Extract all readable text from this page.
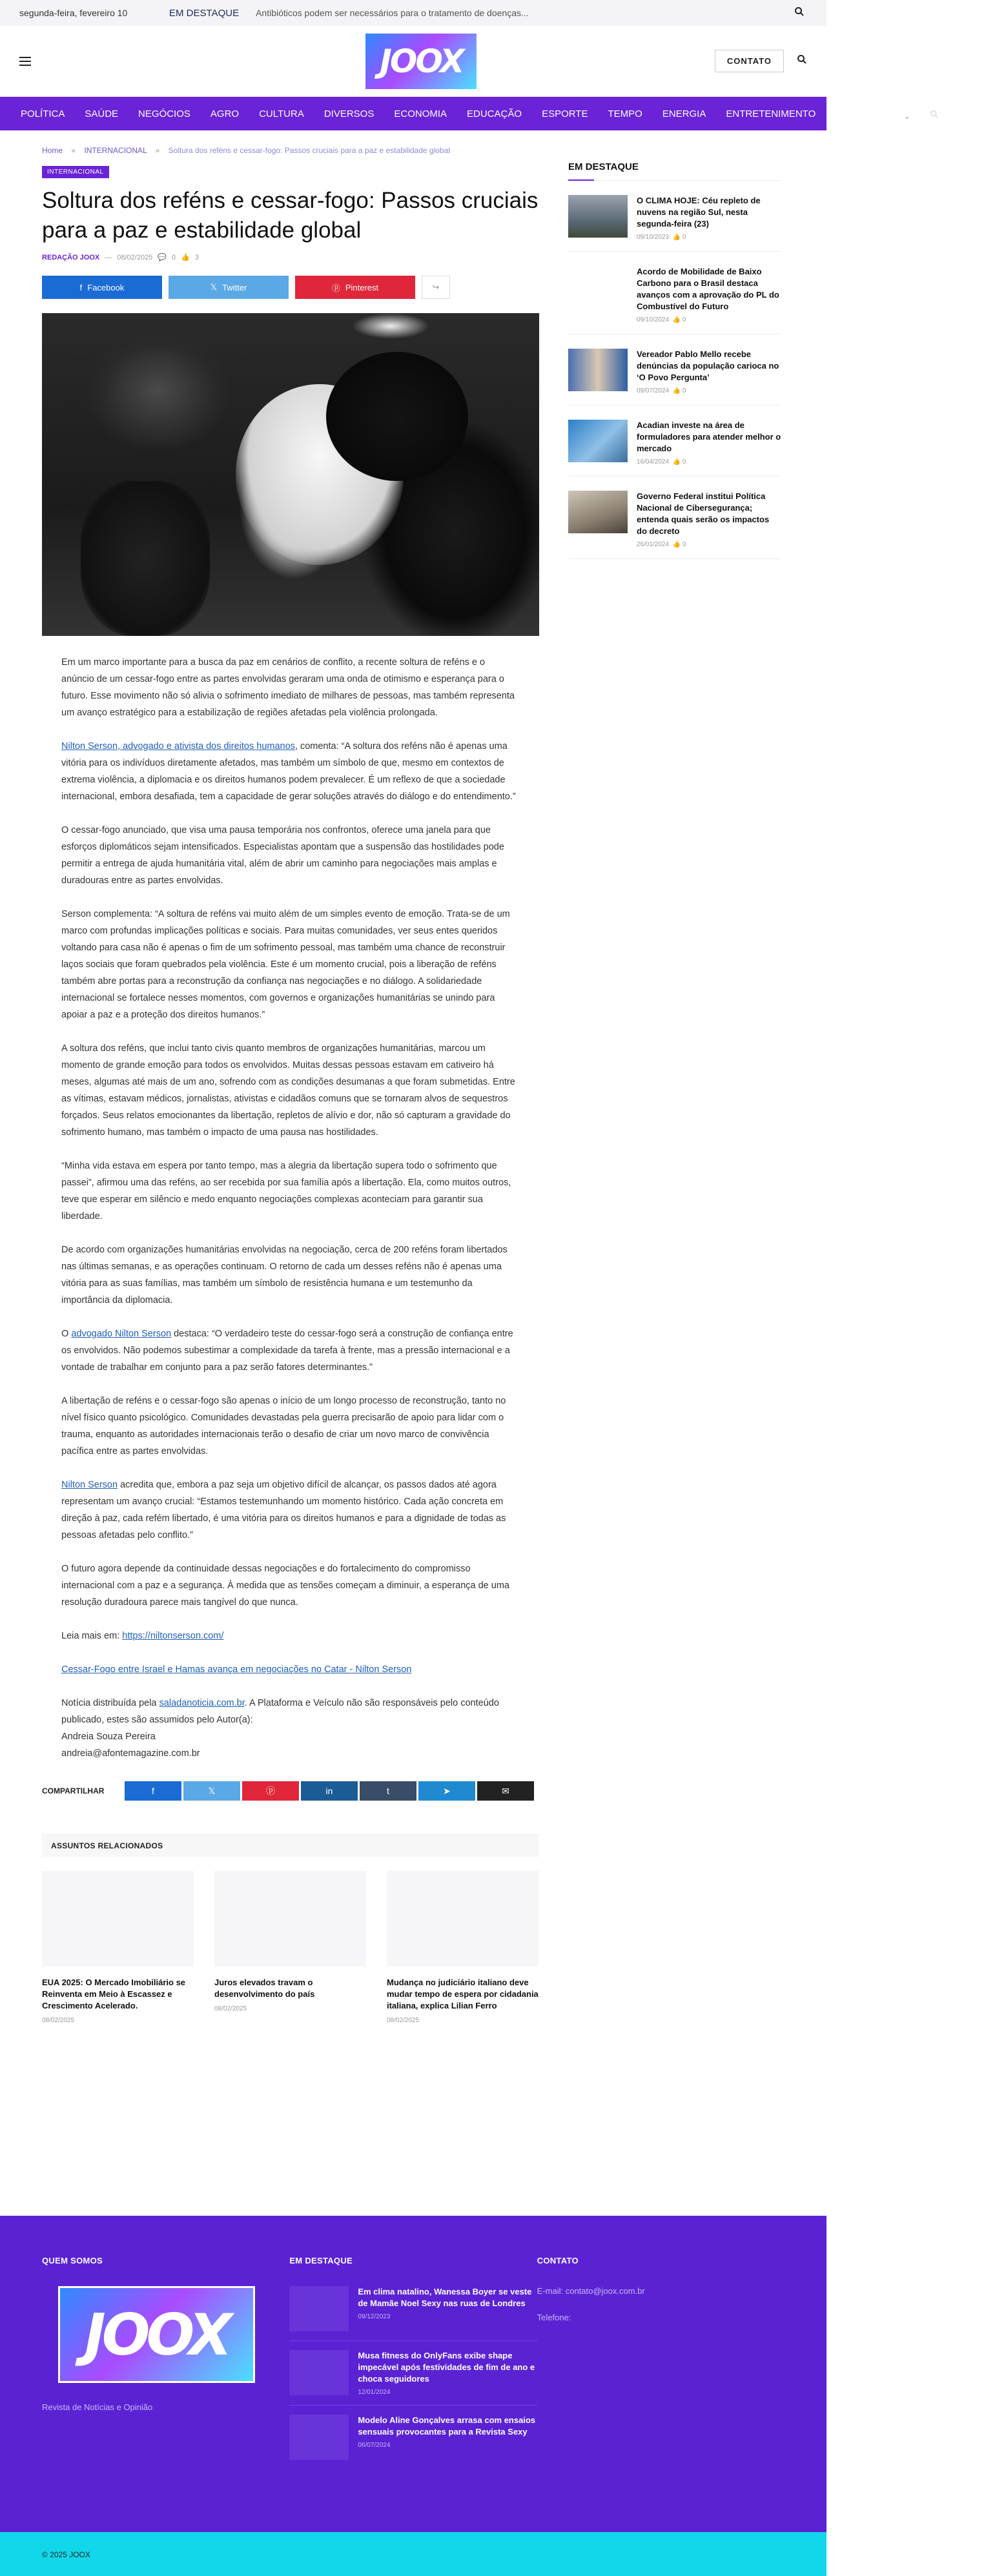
segunda-feira, fevereiro 10	EM DESTAQUE Antibióticos podem ser necessários para o tratamento de doenças...
JOOX	CONTATO
POLÍTICA SAÚDE NEGÓCIOS AGRO CULTURA DIVERSOS ECONOMIA EDUCAÇÃO ESPORTE TEMPO ENERGIA ENTRETENIMENTO
Home » INTERNACIONAL » Soltura dos reféns e cessar-fogo: Passos cruciais para a paz e estabilidade global
INTERNACIONAL
Soltura dos reféns e cessar-fogo: Passos cruciais para a paz e estabilidade global
REDAÇÃO JOOX — 08/02/2025 💬 0 👍 3
f Facebook	𝕏 Twitter	ⓟ Pinterest	↪

Em um marco importante para a busca da paz em cenários de conflito, a recente soltura de reféns e o anúncio de um cessar-fogo entre as partes envolvidas geraram uma onda de otimismo e esperança para o futuro. Esse movimento não só alivia o sofrimento imediato de milhares de pessoas, mas também representa um avanço estratégico para a estabilização de regiões afetadas pela violência prolongada.

Nilton Serson, advogado e ativista dos direitos humanos, comenta: “A soltura dos reféns não é apenas uma vitória para os indivíduos diretamente afetados, mas também um símbolo de que, mesmo em contextos de extrema violência, a diplomacia e os direitos humanos podem prevalecer. É um reflexo de que a sociedade internacional, embora desafiada, tem a capacidade de gerar soluções através do diálogo e do entendimento.”

O cessar-fogo anunciado, que visa uma pausa temporária nos confrontos, oferece uma janela para que esforços diplomáticos sejam intensificados. Especialistas apontam que a suspensão das hostilidades pode permitir a entrega de ajuda humanitária vital, além de abrir um caminho para negociações mais amplas e duradouras entre as partes envolvidas.

Serson complementa: “A soltura de reféns vai muito além de um simples evento de emoção. Trata-se de um marco com profundas implicações políticas e sociais. Para muitas comunidades, ver seus entes queridos voltando para casa não é apenas o fim de um sofrimento pessoal, mas também uma chance de reconstruir laços sociais que foram quebrados pela violência. Este é um momento crucial, pois a liberação de reféns também abre portas para a reconstrução da confiança nas negociações e no diálogo. A solidariedade internacional se fortalece nesses momentos, com governos e organizações humanitárias se unindo para apoiar a paz e a proteção dos direitos humanos.”

A soltura dos reféns, que inclui tanto civis quanto membros de organizações humanitárias, marcou um momento de grande emoção para todos os envolvidos. Muitas dessas pessoas estavam em cativeiro há meses, algumas até mais de um ano, sofrendo com as condições desumanas a que foram submetidas. Entre as vítimas, estavam médicos, jornalistas, ativistas e cidadãos comuns que se tornaram alvos de sequestros forçados. Seus relatos emocionantes da libertação, repletos de alívio e dor, não só capturam a gravidade do sofrimento humano, mas também o impacto de uma pausa nas hostilidades.

“Minha vida estava em espera por tanto tempo, mas a alegria da libertação supera todo o sofrimento que passei”, afirmou uma das reféns, ao ser recebida por sua família após a libertação. Ela, como muitos outros, teve que esperar em silêncio e medo enquanto negociações complexas aconteciam para garantir sua liberdade.

De acordo com organizações humanitárias envolvidas na negociação, cerca de 200 reféns foram libertados nas últimas semanas, e as operações continuam. O retorno de cada um desses reféns não é apenas uma vitória para as suas famílias, mas também um símbolo de resistência humana e um testemunho da importância da diplomacia.

O advogado Nilton Serson destaca: “O verdadeiro teste do cessar-fogo será a construção de confiança entre os envolvidos. Não podemos subestimar a complexidade da tarefa à frente, mas a pressão internacional e a vontade de trabalhar em conjunto para a paz serão fatores determinantes.”

A libertação de reféns e o cessar-fogo são apenas o início de um longo processo de reconstrução, tanto no nível físico quanto psicológico. Comunidades devastadas pela guerra precisarão de apoio para lidar com o trauma, enquanto as autoridades internacionais terão o desafio de criar um novo marco de convivência pacífica entre as partes envolvidas.

Nilton Serson acredita que, embora a paz seja um objetivo difícil de alcançar, os passos dados até agora representam um avanço crucial: “Estamos testemunhando um momento histórico. Cada ação concreta em direção à paz, cada refém libertado, é uma vitória para os direitos humanos e para a dignidade de todas as pessoas afetadas pelo conflito.”

O futuro agora depende da continuidade dessas negociações e do fortalecimento do compromisso internacional com a paz e a segurança. À medida que as tensões começam a diminuir, a esperança de uma resolução duradoura parece mais tangível do que nunca.

Leia mais em: https://niltonserson.com/

Cessar-Fogo entre Israel e Hamas avança em negociações no Catar - Nilton Serson

Notícia distribuída pela saladanoticia.com.br. A Plataforma e Veículo não são responsáveis pelo conteúdo publicado, estes são assumidos pelo Autor(a):
Andreia Souza Pereira
andreia@afontemagazine.com.br

COMPARTILHAR	f	𝕏	ⓟ	in	t	➤	✉
ASSUNTOS RELACIONADOS
EUA 2025: O Mercado Imobiliário se Reinventa em Meio à Escassez e Crescimento Acelerado.
08/02/2025
Juros elevados travam o desenvolvimento do país
08/02/2025
Mudança no judiciário italiano deve mudar tempo de espera por cidadania italiana, explica Lilian Ferro
08/02/2025
EM DESTAQUE
O CLIMA HOJE: Céu repleto de nuvens na região Sul, nesta segunda-feira (23)
09/10/2023 👍 0
Acordo de Mobilidade de Baixo Carbono para o Brasil destaca avanços com a aprovação do PL do Combustível do Futuro
09/10/2024 👍 0
Vereador Pablo Mello recebe denúncias da população carioca no ‘O Povo Pergunta’
09/07/2024 👍 0
Acadian investe na área de formuladores para atender melhor o mercado
16/04/2024 👍 0
Governo Federal institui Política Nacional de Cibersegurança; entenda quais serão os impactos do decreto
26/01/2024 👍 0
QUEM SOMOS
JOOX
Revista de Notícias e Opinião
EM DESTAQUE
Em clima natalino, Wanessa Boyer se veste de Mamãe Noel Sexy nas ruas de Londres
09/12/2023
Musa fitness do OnlyFans exibe shape impecável após festividades de fim de ano e choca seguidores
12/01/2024
Modelo Aline Gonçalves arrasa com ensaios sensuais provocantes para a Revista Sexy
06/07/2024
CONTATO
E-mail: contato@joox.com.br
Telefone:
© 2025 JOOX
⌄
